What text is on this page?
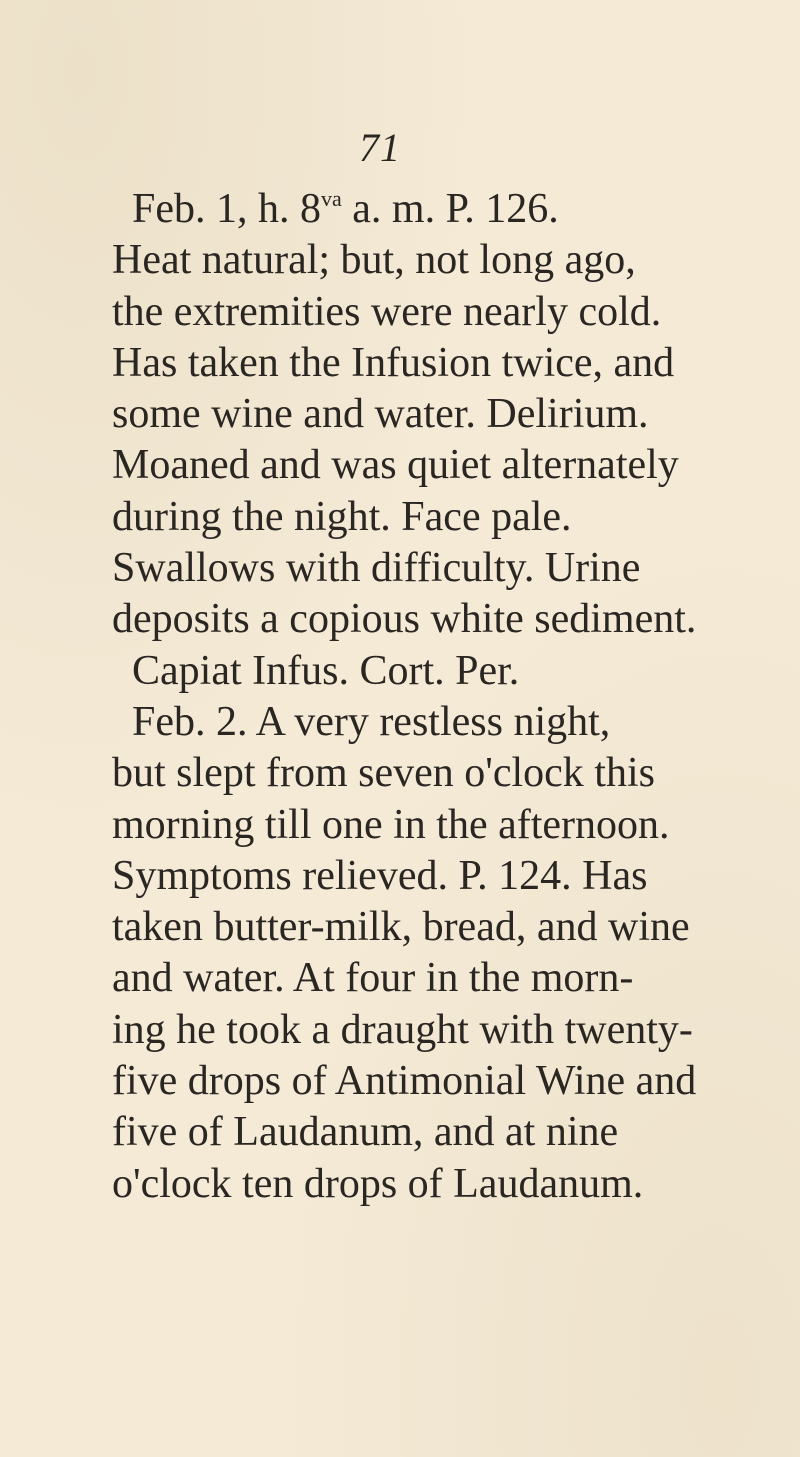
71
Feb. 1, h. $8^{va}$ a. m. P. 126.
Heat natural; but, not long ago,
the extremities were nearly cold.
Has taken the Infusion twice, and
some wine and water. Delirium.
Moaned and was quiet alternately
during the night. Face pale.
Swallows with difficulty. Urine
deposits a copious white sediment.
Capiat Infus. Cort. Per.
Feb. 2. A very restless night,
but slept from seven o'clock this
morning till one in the afternoon.
Symptoms relieved. P. 124. Has
taken butter-milk, bread, and wine
and water. At four in the morn-
ing he took a draught with twenty-
five drops of Antimonial Wine and
five of Laudanum, and at nine
o'clock ten drops of Laudanum.
